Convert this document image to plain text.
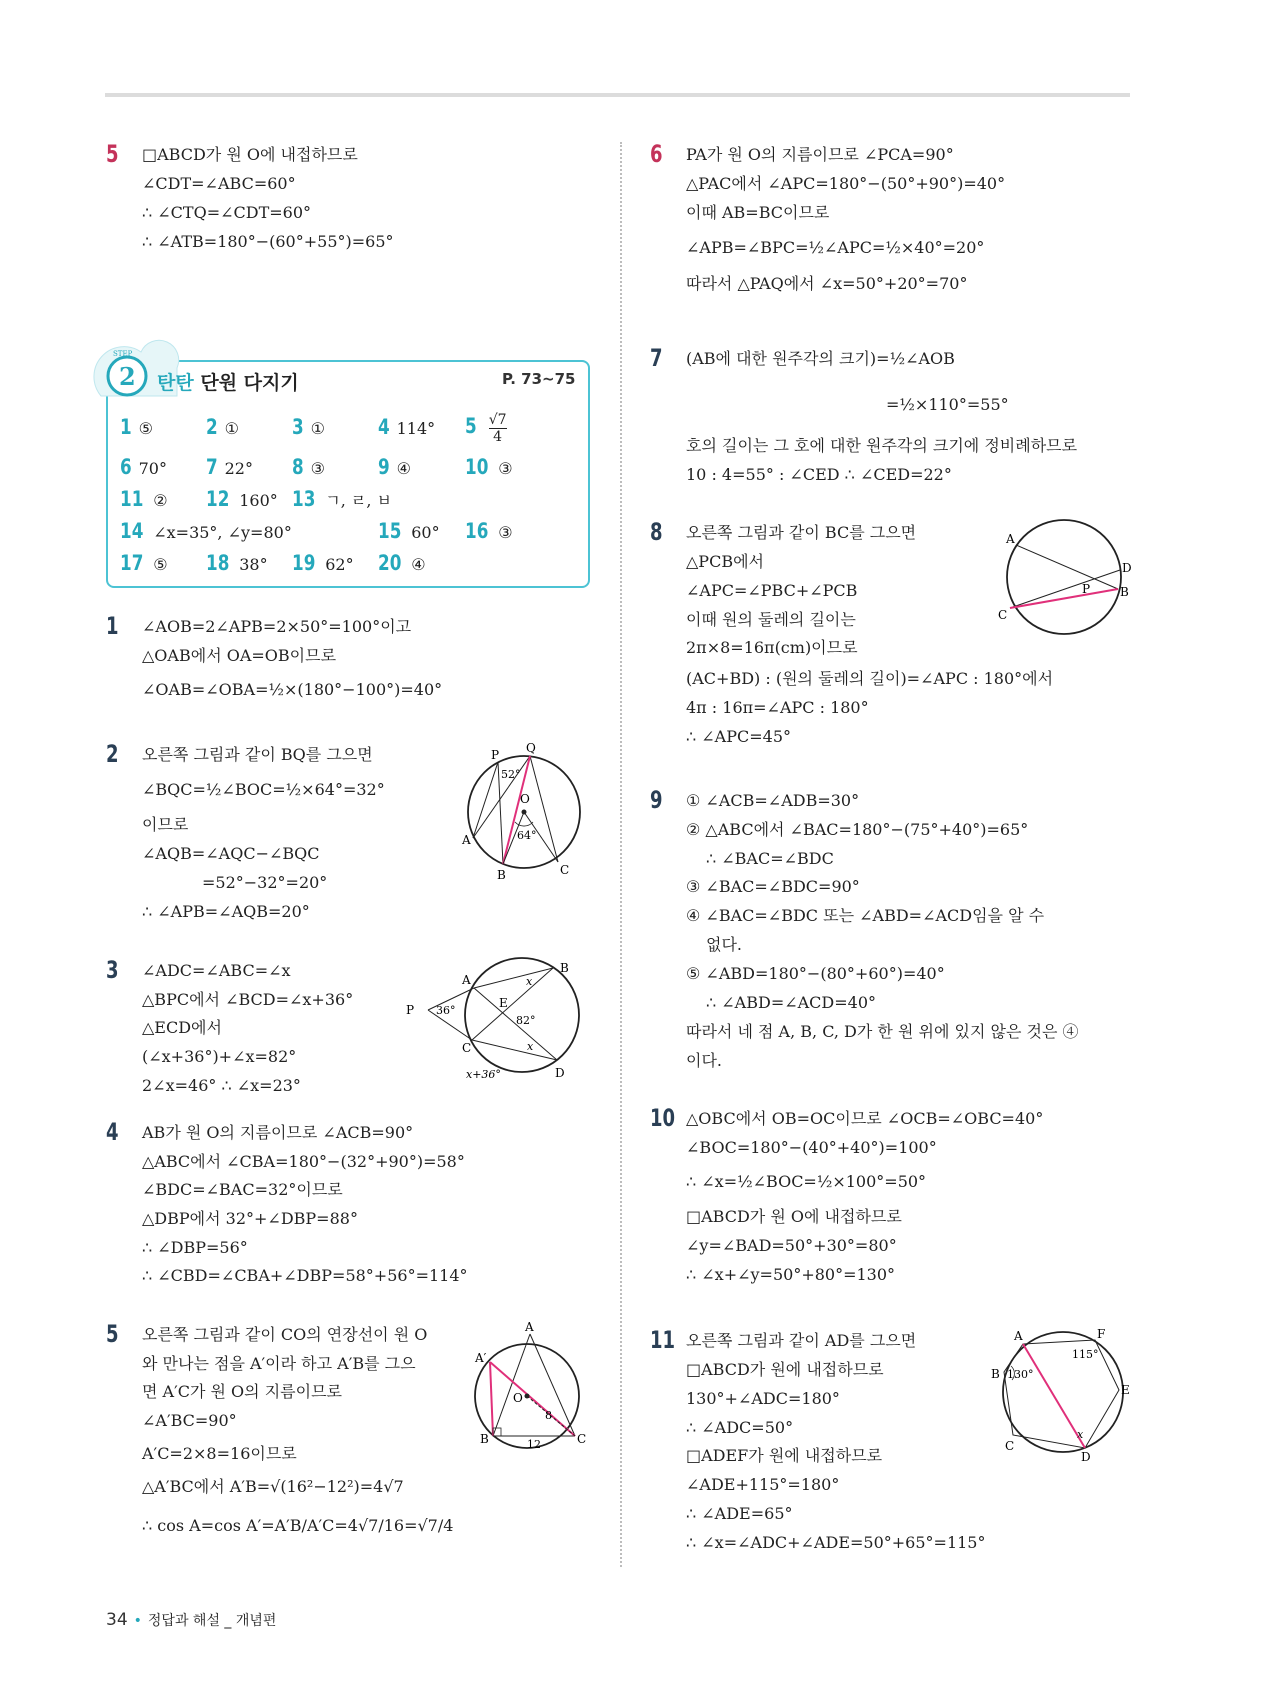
5 □ABCD가 원 O에 내접하므로
∠CDT=∠ABC=60°
∴ ∠CTQ=∠CDT=60°
∴ ∠ATB=180°−(60°+55°)=65°
STEP
2 탄탄 단원 다지기	P. 73~75
1 ⑤	2 ①	3 ①	4 114° $5 \frac{√7}{4}$
6 70° 7 22° 8 ③	9 ④	10 ③
11 ② 12 160° 13 ㄱ, ㄹ, ㅂ
14 ∠x=35°, ∠y=80°	15 60° 16 ③
17 ⑤ 18 38° 19 62° 20 ④
1 ∠AOB=2∠APB=2×50°=100°이고
△OAB에서 OA=OB이므로
∠OAB=∠OBA=½×(180°−100°)=40°
2 오른쪽 그림과 같이 BQ를 그으면
∠BQC=½∠BOC=½×64°=32°
이므로
∠AQB=∠AQC−∠BQC
=52°−32°=20°
∴ ∠APB=∠AQB=20°
P Q
52°
O
64°
A
B	C
3 ∠ADC=∠ABC=∠x
△BPC에서 ∠BCD=∠x+36°
△ECD에서
(∠x+36°)+∠x=82°
2∠x=46° ∴ ∠x=23°
B
A
E
x
82°
P 36°
C	x
x+36°	D
4 AB가 원 O의 지름이므로 ∠ACB=90°
△ABC에서 ∠CBA=180°−(32°+90°)=58°
∠BDC=∠BAC=32°이므로
△DBP에서 32°+∠DBP=88°
∴ ∠DBP=56°
∴ ∠CBD=∠CBA+∠DBP=58°+56°=114°
5 오른쪽 그림과 같이 CO의 연장선이 원 O
와 만나는 점을 A′이라 하고 A′B를 그으
면 A′C가 원 O의 지름이므로
∠A′BC=90°
A′C=2×8=16이므로
△A′BC에서 A′B=√(16²−12²)=4√7
∴ cos A=cos A′=A′B/A′C=4√7/16=√7/4
A
A′
O
8
B	12	C
6 PA가 원 O의 지름이므로 ∠PCA=90°
△PAC에서 ∠APC=180°−(50°+90°)=40°
이때 AB=BC이므로
∠APB=∠BPC=½∠APC=½×40°=20°
따라서 △PAQ에서 ∠x=50°+20°=70°
7 (AB에 대한 원주각의 크기)=½∠AOB
=½×110°=55°
호의 길이는 그 호에 대한 원주각의 크기에 정비례하므로
10 : 4=55° : ∠CED ∴ ∠CED=22°
8 오른쪽 그림과 같이 BC를 그으면
△PCB에서
∠APC=∠PBC+∠PCB
이때 원의 둘레의 길이는
2π×8=16π(cm)이므로
(AC+BD) : (원의 둘레의 길이)=∠APC : 180°에서
4π : 16π=∠APC : 180°
∴ ∠APC=45°
A
D
P B
C
9 ① ∠ACB=∠ADB=30°
② △ABC에서 ∠BAC=180°−(75°+40°)=65°
∴ ∠BAC=∠BDC
③ ∠BAC=∠BDC=90°
④ ∠BAC=∠BDC 또는 ∠ABD=∠ACD임을 알 수
없다.
⑤ ∠ABD=180°−(80°+60°)=40°
∴ ∠ABD=∠ACD=40°
따라서 네 점 A, B, C, D가 한 원 위에 있지 않은 것은 ④
이다.
10 △OBC에서 OB=OC이므로 ∠OCB=∠OBC=40°
∠BOC=180°−(40°+40°)=100°
∴ ∠x=½∠BOC=½×100°=50°
□ABCD가 원 O에 내접하므로
∠y=∠BAD=50°+30°=80°
∴ ∠x+∠y=50°+80°=130°
11 오른쪽 그림과 같이 AD를 그으면
□ABCD가 원에 내접하므로
130°+∠ADC=180°
∴ ∠ADC=50°
□ADEF가 원에 내접하므로
∠ADE+115°=180°
∴ ∠ADE=65°
∴ ∠x=∠ADC+∠ADE=50°+65°=115°
A	F
115°
B 130°
E
x
C
D
34 • 정답과 해설 _ 개념편
